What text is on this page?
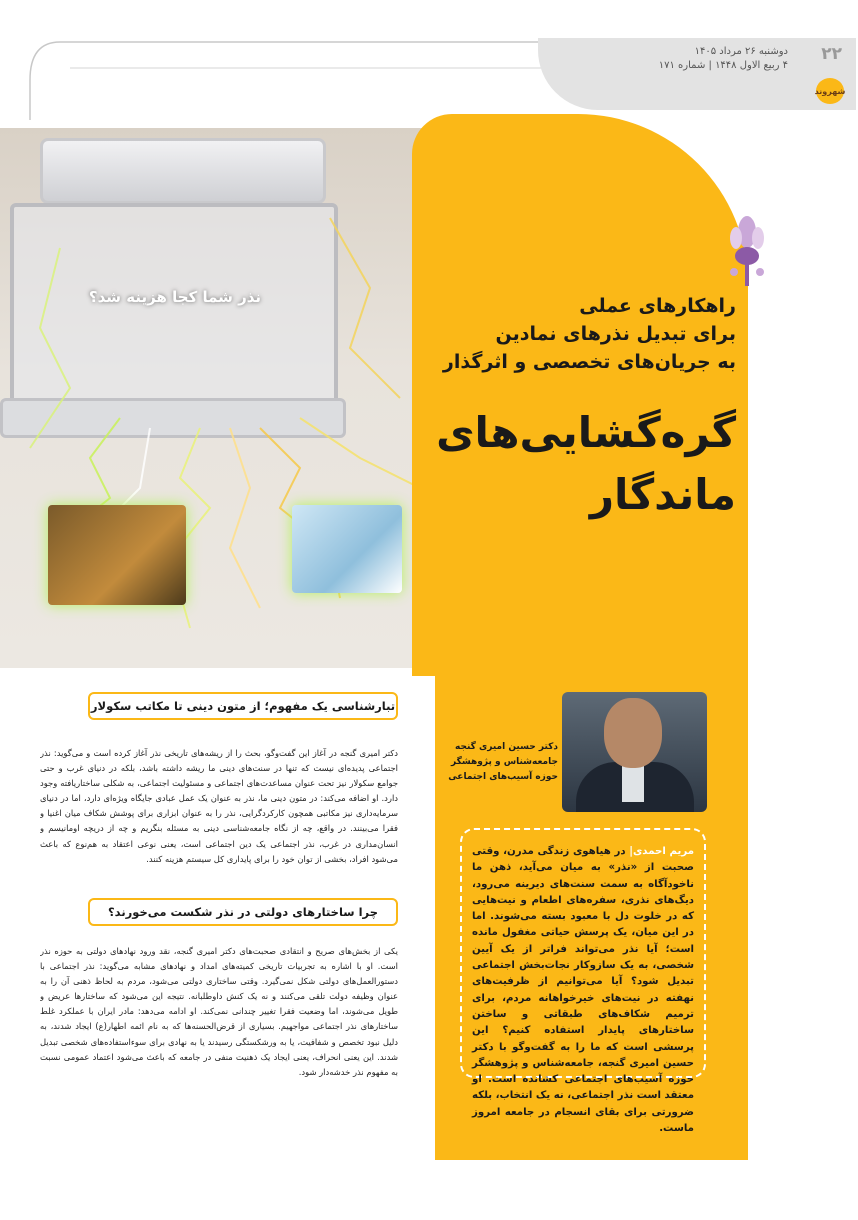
۲۲
دوشنبه ۲۶ مرداد ۱۴۰۵
۴ ربیع الاول ۱۴۴۸ | شماره ۱۷۱
شهروند
نذر شما کجا هزینه شد؟	راهکارهای عملی
برای تبدیل نذرهای نمادین
به جریان‌های تخصصی و اثرگذار
گره‌گشایی‌های
ماندگار
دکتر حسین امیری گنجه
جامعه‌شناس و پژوهشگر
حوزه آسیب‌های اجتماعی
مریم احمدی| در هیاهوی زندگی مدرن، وقتی صحبت از «نذر» به میان می‌آید، ذهن ما ناخودآگاه به سمت سنت‌های دیرینه می‌رود، دیگ‌های نذری، سفره‌های اطعام و نیت‌هایی که در خلوت دل با معبود بسته می‌شوند. اما در این میان، یک پرسش حیاتی مغفول مانده است؛ آیا نذر می‌تواند فراتر از یک آیین شخصی، به یک سازوکار نجات‌بخش اجتماعی تبدیل شود؟ آیا می‌توانیم از ظرفیت‌های نهفته در نیت‌های خیرخواهانه مردم، برای ترمیم شکاف‌های طبقاتی و ساختن ساختارهای پایدار استفاده کنیم؟ این پرسشی است که ما را به گفت‌وگو با دکتر حسین امیری گنجه، جامعه‌شناس و پژوهشگر حوزه آسیب‌های اجتماعی کشانده است. او معتقد است نذر اجتماعی، نه یک انتخاب، بلکه ضرورتی برای بقای انسجام در جامعه امروز ماست.
تبارشناسی یک مفهوم؛ از متون دینی تا مکاتب سکولار
دکتر امیری گنجه در آغاز این گفت‌وگو، بحث را از ریشه‌های تاریخی نذر آغاز کرده است و می‌گوید: نذر اجتماعی پدیده‌ای نیست که تنها در سنت‌های دینی ما ریشه داشته باشد، بلکه در دنیای غرب و حتی جوامع سکولار نیز تحت عنوان مساعدت‌های اجتماعی و مسئولیت اجتماعی، به شکلی ساختاریافته وجود دارد. او اضافه می‌کند: در متون دینی ما، نذر به عنوان یک عمل عبادی جایگاه ویژه‌ای دارد، اما در دنیای سرمایه‌داری نیز مکاتبی همچون کارکردگرایی، نذر را به عنوان ابزاری برای پوشش شکاف میان اغنیا و فقرا می‌بینند. در واقع، چه از نگاه جامعه‌شناسی دینی به مسئله بنگریم و چه از دریچه اومانیسم و انسان‌مداری در غرب، نذر اجتماعی یک دین اجتماعی است، یعنی نوعی اعتقاد به هم‌نوع که باعث می‌شود افراد، بخشی از توان خود را برای پایداری کل سیستم هزینه کنند.
چرا ساختارهای دولتی در نذر شکست می‌خورند؟
یکی از بخش‌های صریح و انتقادی صحبت‌های دکتر امیری گنجه، نقد ورود نهادهای دولتی به حوزه نذر است. او با اشاره به تجربیات تاریخی کمیته‌های امداد و نهادهای مشابه می‌گوید: نذر اجتماعی با دستورالعمل‌های دولتی شکل نمی‌گیرد. وقتی ساختاری دولتی می‌شود، مردم به لحاظ ذهنی آن را به عنوان وظیفه دولت تلقی می‌کنند و نه یک کنش داوطلبانه. نتیجه این می‌شود که ساختارها عریض و طویل می‌شوند، اما وضعیت فقرا تغییر چندانی نمی‌کند. او ادامه می‌دهد: مادر ایران با عملکرد غلط ساختارهای نذر اجتماعی مواجهیم. بسیاری از قرض‌الحسنه‌ها که به نام ائمه اطهار(ع) ایجاد شدند، به دلیل نبود تخصص و شفافیت، یا به ورشکستگی رسیدند یا به نهادی برای سوءاستفاده‌های شخصی تبدیل شدند. این یعنی انحراف، یعنی ایجاد یک ذهنیت منفی در جامعه که باعث می‌شود اعتماد عمومی نسبت به مفهوم نذر خدشه‌دار شود.
